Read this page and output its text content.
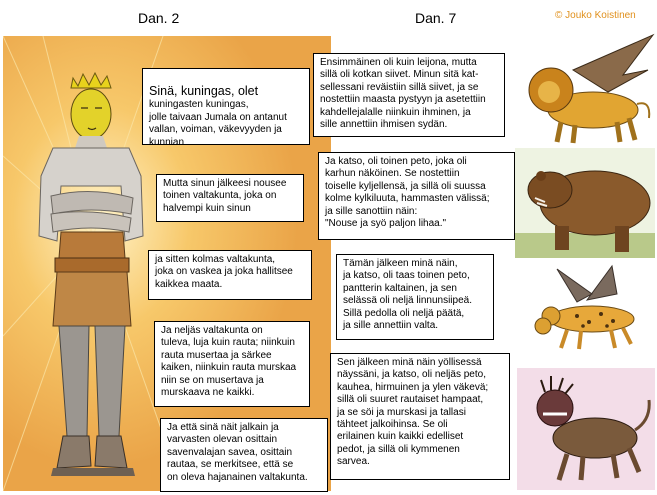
Dan. 2	Dan. 7	© Jouko Koistinen

Sinä, kuningas, olet
kuningasten kuningas,
jolle taivaan Jumala on antanut
vallan, voiman, väkevyyden ja
kunnian

Mutta sinun jälkeesi nousee
toinen valtakunta, joka on
halvempi kuin sinun
ja sitten kolmas valtakunta,
joka on vaskea ja joka hallitsee
kaikkea maata.
Ja neljäs valtakunta on
tuleva, luja kuin rauta; niinkuin
rauta musertaa ja särkee
kaiken, niinkuin rauta murskaa
niin se on musertava ja
murskaava ne kaikki.
Ja että sinä näit jalkain ja
varvasten olevan osittain
savenvalajan savea, osittain
rautaa, se merkitsee, että se
on oleva hajanainen valtakunta.
Ensimmäinen oli kuin leijona, mutta
sillä oli kotkan siivet. Minun sitä kat-
sellessani reväistiin sillä siivet, ja se
nostettiin maasta pystyyn ja asetettiin
kahdellejalalle niinkuin ihminen, ja
sille annettiin ihmisen sydän.
Ja katso, oli toinen peto, joka oli
karhun näköinen. Se nostettiin
toiselle kyljellensä, ja sillä oli suussa
kolme kylkiluuta, hammasten välissä;
ja sille sanottiin näin:
"Nouse ja syö paljon lihaa."
Tämän jälkeen minä näin,
ja katso, oli taas toinen peto,
pantterin kaltainen, ja sen
selässä oli neljä linnunsiipeä.
Sillä pedolla oli neljä päätä,
ja sille annettiin valta.
Sen jälkeen minä näin yöllisessä
näyssäni, ja katso, oli neljäs peto,
kauhea, hirmuinen ja ylen väkevä;
sillä oli suuret rautaiset hampaat,
ja se söi ja murskasi ja tallasi
tähteet jalkoihinsa. Se oli
erilainen kuin kaikki edelliset
pedot, ja sillä oli kymmenen
sarvea.
